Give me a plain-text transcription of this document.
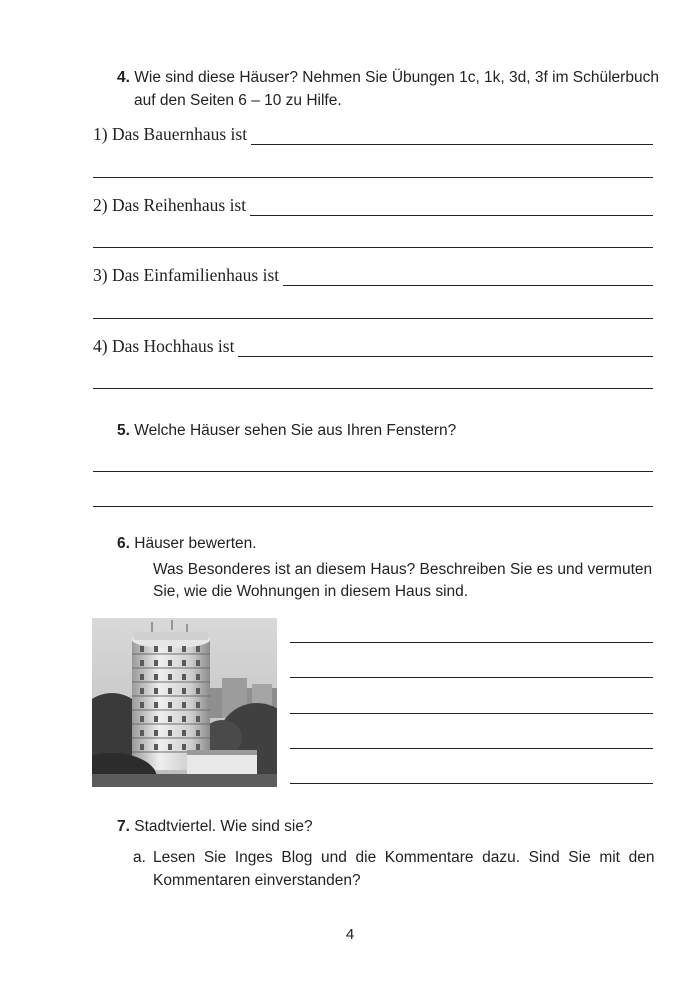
4. Wie sind diese Häuser? Nehmen Sie Übungen 1c, 1k, 3d, 3f im Schülerbuch
auf den Seiten 6 – 10 zu Hilfe.
1) Das Bauernhaus ist
2) Das Reihenhaus ist
3) Das Einfamilienhaus ist
4) Das Hochhaus ist
5. Welche Häuser sehen Sie aus Ihren Fenstern?
6. Häuser bewerten.
Was Besonderes ist an diesem Haus? Beschreiben Sie es und vermuten
Sie, wie die Wohnungen in diesem Haus sind.
7. Stadtviertel. Wie sind sie?
a. Lesen  Sie  Inges  Blog  und  die  Kommentare  dazu.  Sind  Sie  mit  den
Kommentaren einverstanden?
4
